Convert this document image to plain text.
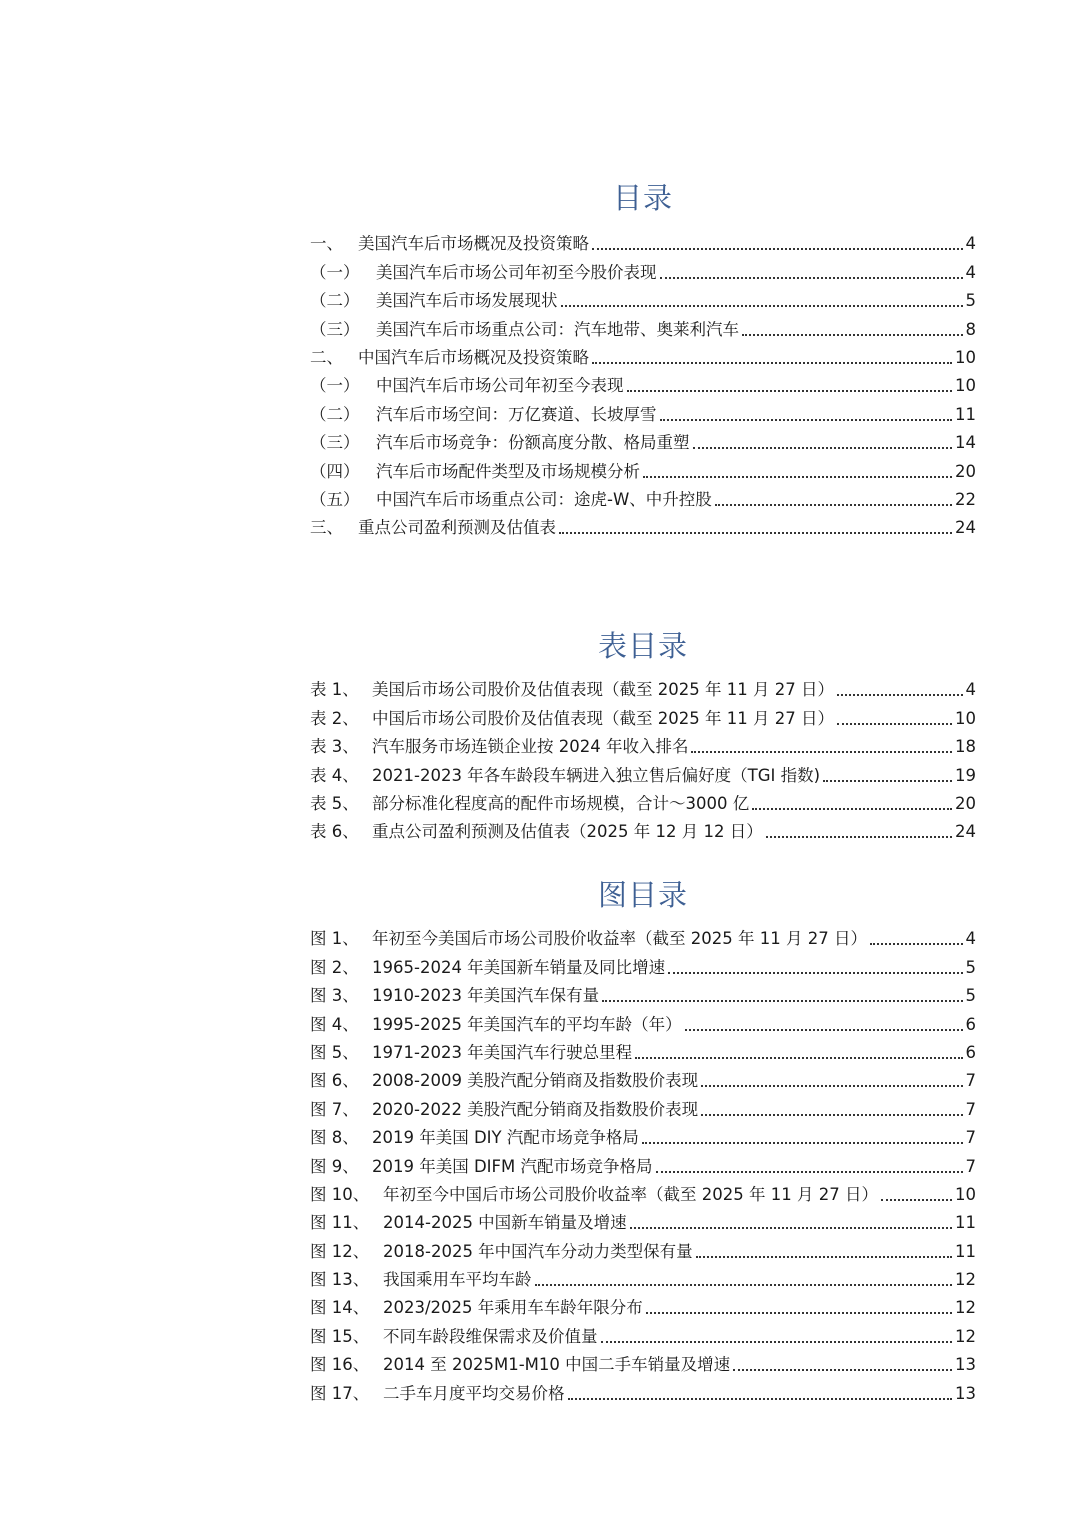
目录
一、 美国汽车后市场概况及投资策略	4
（一）	美国汽车后市场公司年初至今股价表现	4
（二）	美国汽车后市场发展现状	5
（三）	美国汽车后市场重点公司：汽车地带、奥莱利汽车	8
二、 中国汽车后市场概况及投资策略	10
（一）	中国汽车后市场公司年初至今表现	10
（二）	汽车后市场空间：万亿赛道、长坡厚雪	11
（三）	汽车后市场竞争：份额高度分散、格局重塑	14
（四）	汽车后市场配件类型及市场规模分析	20
（五）	中国汽车后市场重点公司：途虎-W、中升控股	22
三、 重点公司盈利预测及估值表	24
表目录
表 1、 美国后市场公司股价及估值表现（截至 2025 年 11 月 27 日）	4
表 2、 中国后市场公司股价及估值表现（截至 2025 年 11 月 27 日）	10
表 3、 汽车服务市场连锁企业按 2024 年收入排名	18
表 4、 2021-2023 年各车龄段车辆进入独立售后偏好度（TGI 指数)	19
表 5、 部分标准化程度高的配件市场规模，合计～3000 亿	20
表 6、 重点公司盈利预测及估值表（2025 年 12 月 12 日）	24
图目录
图 1、 年初至今美国后市场公司股价收益率（截至 2025 年 11 月 27 日）	4
图 2、 1965-2024 年美国新车销量及同比增速	5
图 3、 1910-2023 年美国汽车保有量	5
图 4、 1995-2025 年美国汽车的平均车龄（年）	6
图 5、 1971-2023 年美国汽车行驶总里程	6
图 6、 2008-2009 美股汽配分销商及指数股价表现	7
图 7、 2020-2022 美股汽配分销商及指数股价表现	7
图 8、 2019 年美国 DIY 汽配市场竞争格局	7
图 9、 2019 年美国 DIFM 汽配市场竞争格局	7
图 10、 年初至今中国后市场公司股价收益率（截至 2025 年 11 月 27 日）	10
图 11、 2014-2025 中国新车销量及增速	11
图 12、 2018-2025 年中国汽车分动力类型保有量	11
图 13、 我国乘用车平均车龄	12
图 14、 2023/2025 年乘用车车龄年限分布	12
图 15、 不同车龄段维保需求及价值量	12
图 16、 2014 至 2025M1-M10 中国二手车销量及增速	13
图 17、 二手车月度平均交易价格	13
